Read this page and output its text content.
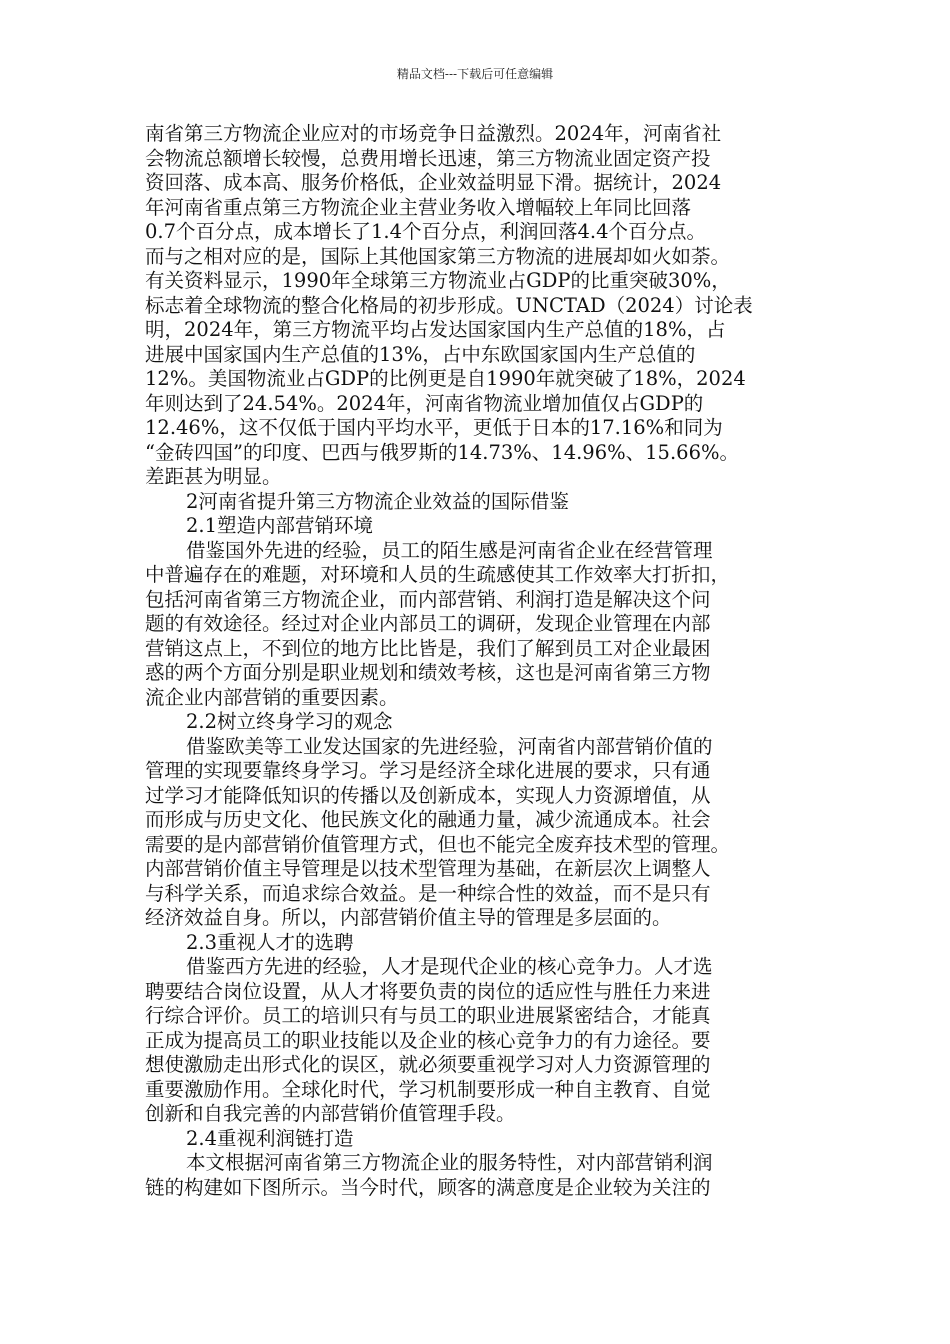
精品文档---下载后可任意编辑
南省第三方物流企业应对的市场竞争日益激烈。2024年，河南省社
会物流总额增长较慢，总费用增长迅速，第三方物流业固定资产投
资回落、成本高、服务价格低，企业效益明显下滑。据统计，2024
年河南省重点第三方物流企业主营业务收入增幅较上年同比回落
0.7个百分点，成本增长了1.4个百分点，利润回落4.4个百分点。
而与之相对应的是，国际上其他国家第三方物流的进展却如火如荼。
有关资料显示，1990年全球第三方物流业占GDP的比重突破30%，
标志着全球物流的整合化格局的初步形成。UNCTAD（2024）讨论表
明，2024年，第三方物流平均占发达国家国内生产总值的18%，占
进展中国家国内生产总值的13%，占中东欧国家国内生产总值的
12%。美国物流业占GDP的比例更是自1990年就突破了18%，2024
年则达到了24.54%。2024年，河南省物流业增加值仅占GDP的
12.46%，这不仅低于国内平均水平，更低于日本的17.16%和同为
“金砖四国”的印度、巴西与俄罗斯的14.73%、14.96%、15.66%。
差距甚为明显。
2河南省提升第三方物流企业效益的国际借鉴
2.1塑造内部营销环境
借鉴国外先进的经验，员工的陌生感是河南省企业在经营管理
中普遍存在的难题，对环境和人员的生疏感使其工作效率大打折扣，
包括河南省第三方物流企业，而内部营销、利润打造是解决这个问
题的有效途径。经过对企业内部员工的调研，发现企业管理在内部
营销这点上，不到位的地方比比皆是，我们了解到员工对企业最困
惑的两个方面分别是职业规划和绩效考核，这也是河南省第三方物
流企业内部营销的重要因素。
2.2树立终身学习的观念
借鉴欧美等工业发达国家的先进经验，河南省内部营销价值的
管理的实现要靠终身学习。学习是经济全球化进展的要求，只有通
过学习才能降低知识的传播以及创新成本，实现人力资源增值，从
而形成与历史文化、他民族文化的融通力量，减少流通成本。社会
需要的是内部营销价值管理方式，但也不能完全废弃技术型的管理。
内部营销价值主导管理是以技术型管理为基础，在新层次上调整人
与科学关系，而追求综合效益。是一种综合性的效益，而不是只有
经济效益自身。所以，内部营销价值主导的管理是多层面的。
2.3重视人才的选聘
借鉴西方先进的经验，人才是现代企业的核心竞争力。人才选
聘要结合岗位设置，从人才将要负责的岗位的适应性与胜任力来进
行综合评价。员工的培训只有与员工的职业进展紧密结合，才能真
正成为提高员工的职业技能以及企业的核心竞争力的有力途径。要
想使激励走出形式化的误区，就必须要重视学习对人力资源管理的
重要激励作用。全球化时代，学习机制要形成一种自主教育、自觉
创新和自我完善的内部营销价值管理手段。
2.4重视利润链打造
本文根据河南省第三方物流企业的服务特性，对内部营销利润
链的构建如下图所示。当今时代，顾客的满意度是企业较为关注的
